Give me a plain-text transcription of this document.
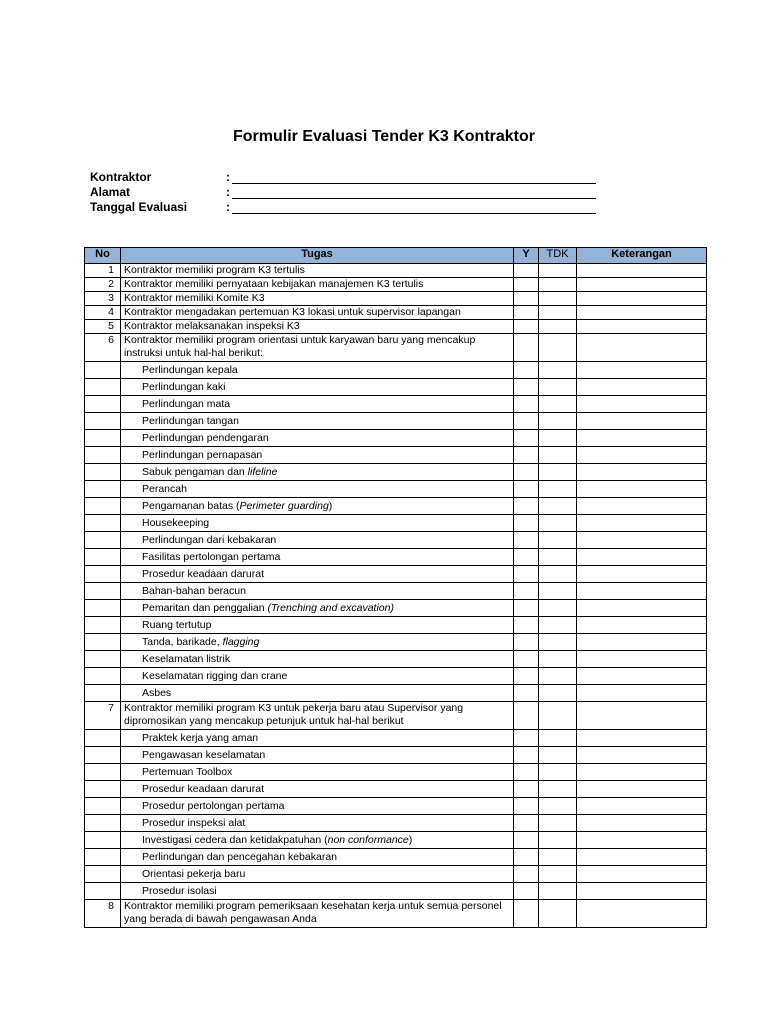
Formulir Evaluasi Tender K3 Kontraktor
Kontraktor	:
Alamat	:
Tanggal Evaluasi	:
No	Tugas	Y	TDK	Keterangan
1	Kontraktor memiliki program K3 tertulis			
2	Kontraktor memiliki pernyataan kebijakan manajemen K3 tertulis			
3	Kontraktor memiliki Komite K3			
4	Kontraktor mengadakan pertemuan K3 lokasi untuk supervisor lapangan			
5	Kontraktor melaksanakan inspeksi K3			
6	Kontraktor memiliki program orientasi untuk karyawan baru yang mencakup instruksi untuk hal-hal berikut:			
	Perlindungan kepala			
	Perlindungan kaki			
	Perlindungan mata			
	Perlindungan tangan			
	Perlindungan pendengaran			
	Perlindungan pernapasan			
	Sabuk pengaman dan lifeline			
	Perancah			
	Pengamanan batas (Perimeter guarding)			
	Housekeeping			
	Perlindungan dari kebakaran			
	Fasilitas pertolongan pertama			
	Prosedur keadaan darurat			
	Bahan-bahan beracun			
	Pemaritan dan penggalian (Trenching and excavation)			
	Ruang tertutup			
	Tanda, barikade, flagging			
	Keselamatan listrik			
	Keselamatan rigging dan crane			
	Asbes			
7	Kontraktor memiliki program K3 untuk pekerja baru atau Supervisor yang dipromosikan yang mencakup petunjuk untuk hal-hal berikut			
	Praktek kerja yang aman			
	Pengawasan keselamatan			
	Pertemuan Toolbox			
	Prosedur keadaan darurat			
	Prosedur pertolongan pertama			
	Prosedur inspeksi alat			
	Investigasi cedera dan ketidakpatuhan (non conformance)			
	Perlindungan dan pencegahan kebakaran			
	Orientasi pekerja baru			
	Prosedur isolasi			
8	Kontraktor memiliki program pemeriksaan kesehatan kerja untuk semua personel yang berada di bawah pengawasan Anda			
